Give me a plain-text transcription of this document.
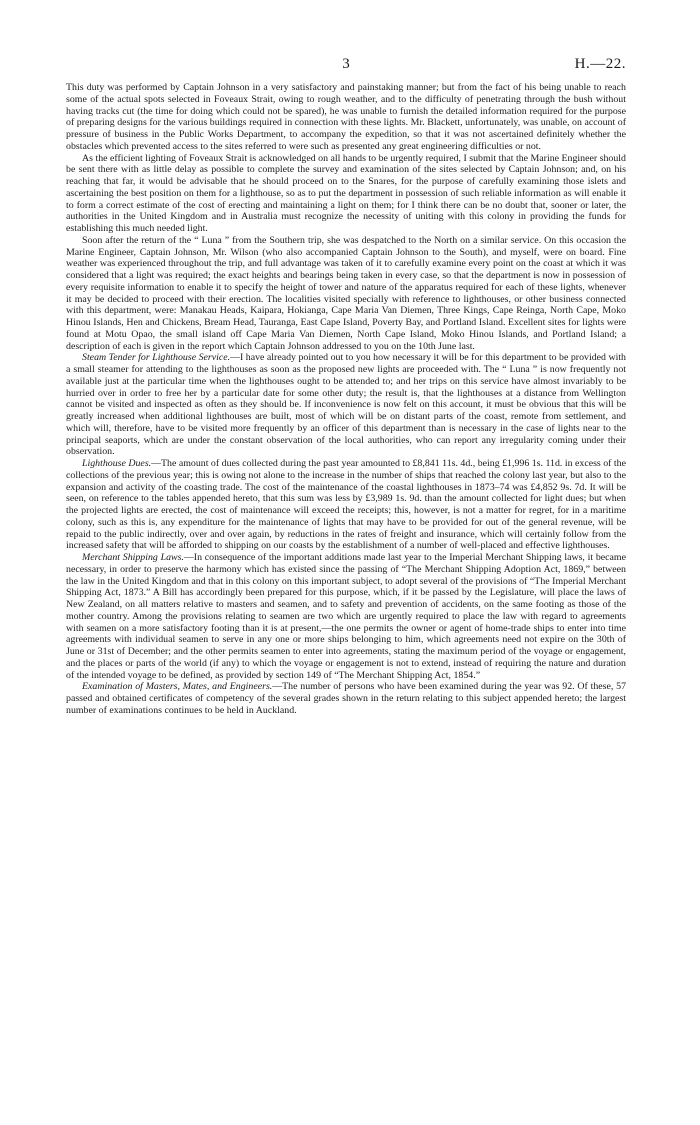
3	H.—22.

This duty was performed by Captain Johnson in a very satisfactory and painstaking manner; but from the fact of his being unable to reach some of the actual spots selected in Foveaux Strait, owing to rough weather, and to the difficulty of penetrating through the bush without having tracks cut (the time for doing which could not be spared), he was unable to furnish the detailed information required for the purpose of preparing designs for the various buildings required in connection with these lights. Mr. Blackett, unfortunately, was unable, on account of pressure of business in the Public Works Department, to accompany the expedition, so that it was not ascertained definitely whether the obstacles which prevented access to the sites referred to were such as presented any great engineering difficulties or not.

As the efficient lighting of Foveaux Strait is acknowledged on all hands to be urgently required, I submit that the Marine Engineer should be sent there with as little delay as possible to complete the survey and examination of the sites selected by Captain Johnson; and, on his reaching that far, it would be advisable that he should proceed on to the Snares, for the purpose of carefully examining those islets and ascertaining the best position on them for a lighthouse, so as to put the department in possession of such reliable information as will enable it to form a correct estimate of the cost of erecting and maintaining a light on them; for I think there can be no doubt that, sooner or later, the authorities in the United Kingdom and in Australia must recognize the necessity of uniting with this colony in providing the funds for establishing this much needed light.

Soon after the return of the “ Luna ” from the Southern trip, she was despatched to the North on a similar service. On this occasion the Marine Engineer, Captain Johnson, Mr. Wilson (who also accompanied Captain Johnson to the South), and myself, were on board. Fine weather was experienced throughout the trip, and full advantage was taken of it to carefully examine every point on the coast at which it was considered that a light was required; the exact heights and bearings being taken in every case, so that the department is now in possession of every requisite information to enable it to specify the height of tower and nature of the apparatus required for each of these lights, whenever it may be decided to proceed with their erection. The localities visited specially with reference to lighthouses, or other business connected with this department, were: Manakau Heads, Kaipara, Hokianga, Cape Maria Van Diemen, Three Kings, Cape Reinga, North Cape, Moko Hinou Islands, Hen and Chickens, Bream Head, Tauranga, East Cape Island, Poverty Bay, and Portland Island. Excellent sites for lights were found at Motu Opao, the small island off Cape Maria Van Diemen, North Cape Island, Moko Hinou Islands, and Portland Island; a description of each is given in the report which Captain Johnson addressed to you on the 10th June last.

Steam Tender for Lighthouse Service.—I have already pointed out to you how necessary it will be for this department to be provided with a small steamer for attending to the lighthouses as soon as the proposed new lights are proceeded with. The “ Luna ” is now frequently not available just at the particular time when the lighthouses ought to be attended to; and her trips on this service have almost invariably to be hurried over in order to free her by a particular date for some other duty; the result is, that the lighthouses at a distance from Wellington cannot be visited and inspected as often as they should be. If inconvenience is now felt on this account, it must be obvious that this will be greatly increased when additional lighthouses are built, most of which will be on distant parts of the coast, remote from settlement, and which will, therefore, have to be visited more frequently by an officer of this department than is necessary in the case of lights near to the principal seaports, which are under the constant observation of the local authorities, who can report any irregularity coming under their observation.

Lighthouse Dues.—The amount of dues collected during the past year amounted to £8,841 11s. 4d., being £1,996 1s. 11d. in excess of the collections of the previous year; this is owing not alone to the increase in the number of ships that reached the colony last year, but also to the expansion and activity of the coasting trade. The cost of the maintenance of the coastal lighthouses in 1873–74 was £4,852 9s. 7d. It will be seen, on reference to the tables appended hereto, that this sum was less by £3,989 1s. 9d. than the amount collected for light dues; but when the projected lights are erected, the cost of maintenance will exceed the receipts; this, however, is not a matter for regret, for in a maritime colony, such as this is, any expenditure for the maintenance of lights that may have to be provided for out of the general revenue, will be repaid to the public indirectly, over and over again, by reductions in the rates of freight and insurance, which will certainly follow from the increased safety that will be afforded to shipping on our coasts by the establishment of a number of well-placed and effective lighthouses.

Merchant Shipping Laws.—In consequence of the important additions made last year to the Imperial Merchant Shipping laws, it became necessary, in order to preserve the harmony which has existed since the passing of “The Merchant Shipping Adoption Act, 1869,” between the law in the United Kingdom and that in this colony on this important subject, to adopt several of the provisions of “The Imperial Merchant Shipping Act, 1873.” A Bill has accordingly been prepared for this purpose, which, if it be passed by the Legislature, will place the laws of New Zealand, on all matters relative to masters and seamen, and to safety and prevention of accidents, on the same footing as those of the mother country. Among the provisions relating to seamen are two which are urgently required to place the law with regard to agreements with seamen on a more satisfactory footing than it is at present,—the one permits the owner or agent of home-trade ships to enter into time agreements with individual seamen to serve in any one or more ships belonging to him, which agreements need not expire on the 30th of June or 31st of December; and the other permits seamen to enter into agreements, stating the maximum period of the voyage or engagement, and the places or parts of the world (if any) to which the voyage or engagement is not to extend, instead of requiring the nature and duration of the intended voyage to be defined, as provided by section 149 of “The Merchant Shipping Act, 1854.”

Examination of Masters, Mates, and Engineers.—The number of persons who have been examined during the year was 92. Of these, 57 passed and obtained certificates of competency of the several grades shown in the return relating to this subject appended hereto; the largest number of examinations continues to be held in Auckland.
